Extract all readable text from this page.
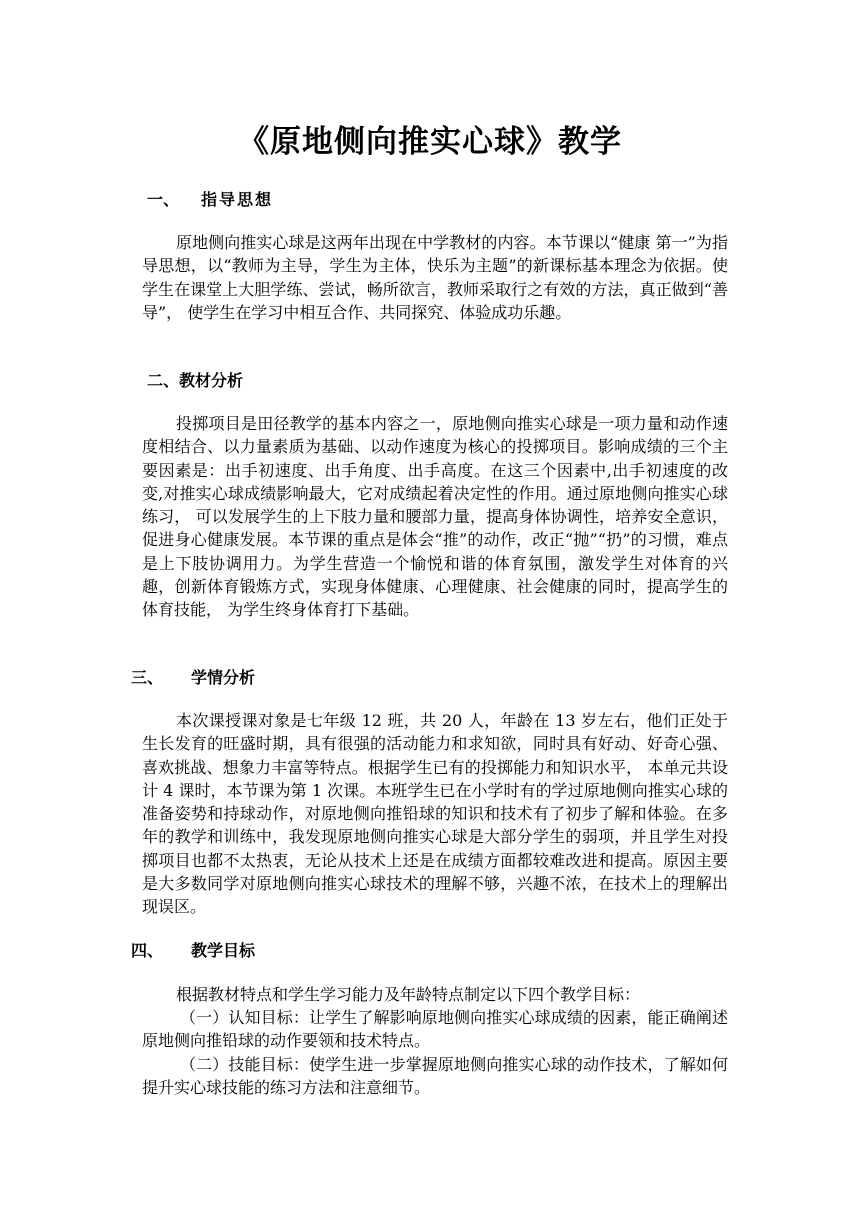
《原地侧向推实心球》教学
一、 指导思想
原地侧向推实心球是这两年出现在中学教材的内容。本节课以“健康 第一”为指导思想，以“教师为主导，学生为主体，快乐为主题”的新课标基本理念为依据。使学生在课堂上大胆学练、尝试，畅所欲言，教师采取行之有效的方法，真正做到“善导”， 使学生在学习中相互合作、共同探究、体验成功乐趣。
二、教材分析
投掷项目是田径教学的基本内容之一，原地侧向推实心球是一项力量和动作速度相结合、以力量素质为基础、以动作速度为核心的投掷项目。影响成绩的三个主要因素是：出手初速度、出手角度、出手高度。在这三个因素中,出手初速度的改变,对推实心球成绩影响最大，它对成绩起着决定性的作用。通过原地侧向推实心球练习， 可以发展学生的上下肢力量和腰部力量，提高身体协调性，培养安全意识，促进身心健康发展。本节课的重点是体会“推”的动作，改正“抛”“扔”的习惯，难点是上下肢协调用力。为学生营造一个愉悦和谐的体育氛围，激发学生对体育的兴趣，创新体育锻炼方式，实现身体健康、心理健康、社会健康的同时，提高学生的体育技能， 为学生终身体育打下基础。
三、 学情分析
本次课授课对象是七年级 12 班，共 20 人，年龄在 13 岁左右，他们正处于生长发育的旺盛时期，具有很强的活动能力和求知欲，同时具有好动、好奇心强、喜欢挑战、想象力丰富等特点。根据学生已有的投掷能力和知识水平， 本单元共设计 4 课时，本节课为第 1 次课。本班学生已在小学时有的学过原地侧向推实心球的准备姿势和持球动作，对原地侧向推铅球的知识和技术有了初步了解和体验。在多年的教学和训练中，我发现原地侧向推实心球是大部分学生的弱项，并且学生对投掷项目也都不太热衷，无论从技术上还是在成绩方面都较难改进和提高。原因主要是大多数同学对原地侧向推实心球技术的理解不够，兴趣不浓，在技术上的理解出现误区。
四、 教学目标
根据教材特点和学生学习能力及年龄特点制定以下四个教学目标：
（一）认知目标：让学生了解影响原地侧向推实心球成绩的因素，能正确阐述原地侧向推铅球的动作要领和技术特点。
（二）技能目标：使学生进一步掌握原地侧向推实心球的动作技术，了解如何提升实心球技能的练习方法和注意细节。
